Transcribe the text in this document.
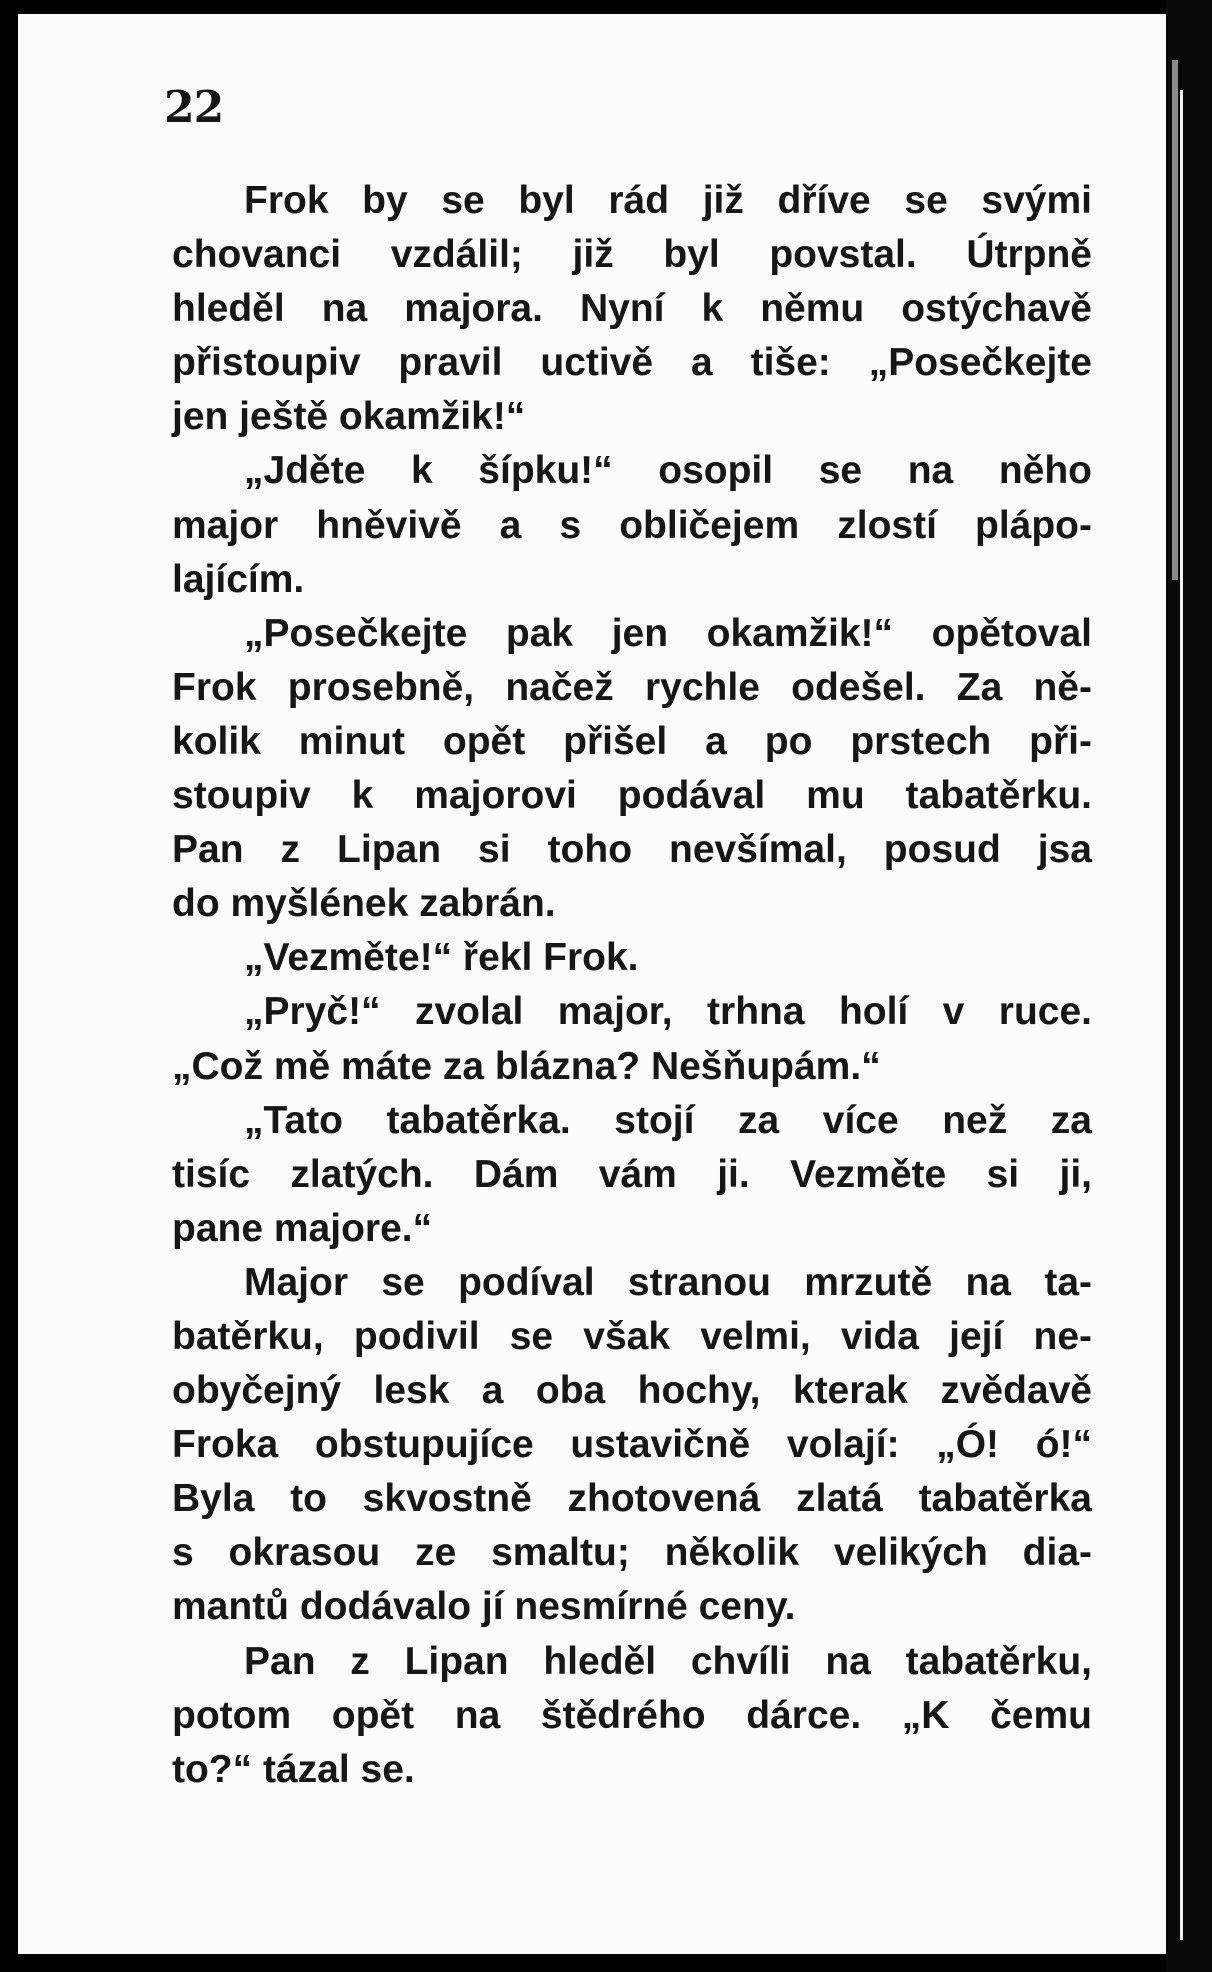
22
Frok by se byl rád již dříve se svými
chovanci vzdálil; již byl povstal. Útrpně
hleděl na majora. Nyní k němu ostýchavě
přistoupiv pravil uctivě a tiše: „Posečkejte
jen ještě okamžik!“
„Jděte k šípku!“ osopil se na něho
major hněvivě a s obličejem zlostí plápo-
lajícím.
„Posečkejte pak jen okamžik!“ opětoval
Frok prosebně, načež rychle odešel. Za ně-
kolik minut opět přišel a po prstech při-
stoupiv k majorovi podával mu tabatěrku.
Pan z Lipan si toho nevšímal, posud jsa
do myšlének zabrán.
„Vezměte!“ řekl Frok.
„Pryč!“ zvolal major, trhna holí v ruce.
„Což mě máte za blázna? Nešňupám.“
„Tato tabatěrka. stojí za více než za
tisíc zlatých. Dám vám ji. Vezměte si ji,
pane majore.“
Major se podíval stranou mrzutě na ta-
batěrku, podivil se však velmi, vida její ne-
obyčejný lesk a oba hochy, kterak zvědavě
Froka obstupujíce ustavičně volají: „Ó! ó!“
Byla to skvostně zhotovená zlatá tabatěrka
s okrasou ze smaltu; několik velikých dia-
mantů dodávalo jí nesmírné ceny.
Pan z Lipan hleděl chvíli na tabatěrku,
potom opět na štědrého dárce. „K čemu
to?“ tázal se.
